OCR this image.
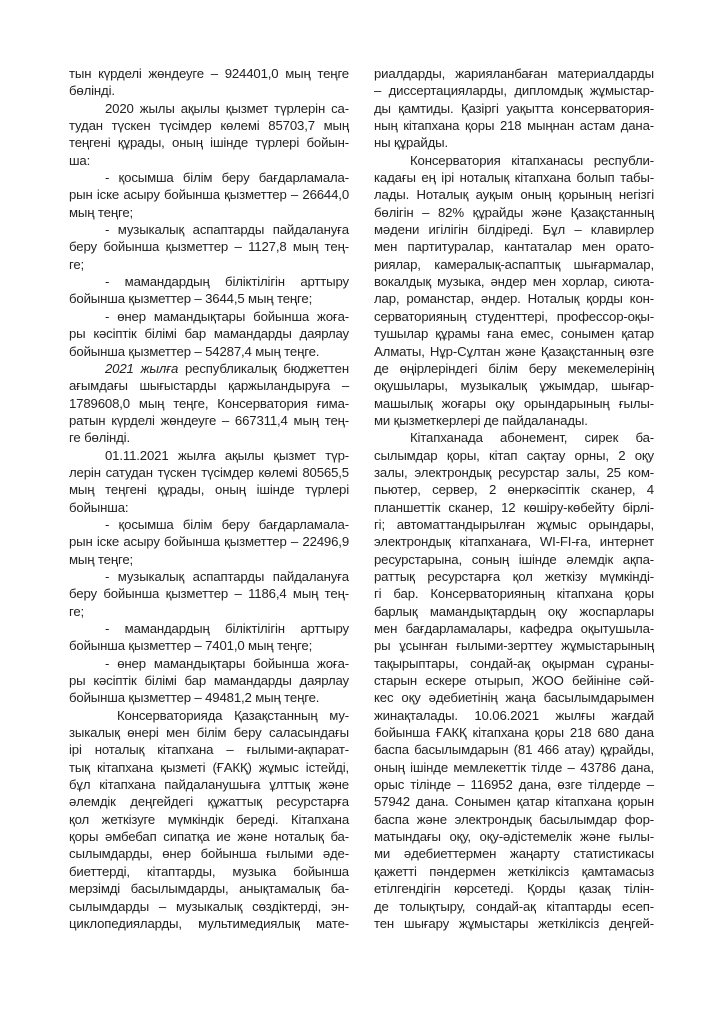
тын күрделі жөндеуге – 924401,0 мың теңге
бөлінді.
2020 жылы ақылы қызмет түрлерін са-
тудан түскен түсімдер көлемі 85703,7 мың
теңгені құрады, оның ішінде түрлері бойын-
ша:
- қосымша білім беру бағдарламала-
рын іске асыру бойынша қызметтер – 26644,0
мың теңге;
- музыкалық аспаптарды пайдалануға
беру бойынша қызметтер – 1127,8 мың тең-
ге;
- мамандардың біліктілігін арттыру
бойынша қызметтер – 3644,5 мың теңге;
- өнер мамандықтары бойынша жоға-
ры кәсіптік білімі бар мамандарды даярлау
бойынша қызметтер – 54287,4 мың теңге.
2021 жылға республикалық бюджеттен
ағымдағы шығыстарды қаржыландыруға –
1789608,0 мың теңге, Консерватория ғима-
ратын күрделі жөндеуге – 667311,4 мың тең-
ге бөлінді.
01.11.2021 жылға ақылы қызмет түр-
лерін сатудан түскен түсімдер көлемі 80565,5
мың теңгені құрады, оның ішінде түрлері
бойынша:
- қосымша білім беру бағдарламала-
рын іске асыру бойынша қызметтер – 22496,9
мың теңге;
- музыкалық аспаптарды пайдалануға
беру бойынша қызметтер – 1186,4 мың тең-
ге;
- мамандардың біліктілігін арттыру
бойынша қызметтер – 7401,0 мың теңге;
- өнер мамандықтары бойынша жоға-
ры кәсіптік білімі бар мамандарды даярлау
бойынша қызметтер – 49481,2 мың теңге.
Консерваторияда Қазақстанның му-
зыкалық өнері мен білім беру саласындағы
ірі ноталық кітапхана – ғылыми-ақпарат-
тық кітапхана қызметі (ҒАКҚ) жұмыс істейді,
бұл кітапхана пайдаланушыға ұлттық және
әлемдік деңгейдегі құжаттық ресурстарға
қол жеткізуге мүмкіндік береді. Кітапхана
қоры әмбебап сипатқа ие және ноталық ба-
сылымдарды, өнер бойынша ғылыми әде-
биеттерді, кітаптарды, музыка бойынша
мерзімді басылымдарды, анықтамалық ба-
сылымдарды – музыкалық сөздіктерді, эн-
циклопедияларды, мультимедиялық мате-
риалдарды, жарияланбаған материалдарды
– диссертацияларды, дипломдық жұмыстар-
ды қамтиды. Қазіргі уақытта консерватория-
ның кітапхана қоры 218 мыңнан астам дана-
ны құрайды.
Консерватория кітапханасы республи-
кадағы ең ірі ноталық кітапхана болып табы-
лады. Ноталық ауқым оның қорының негізгі
бөлігін – 82% құрайды және Қазақстанның
мәдени игілігін білдіреді. Бұл – клавирлер
мен партитуралар, кантаталар мен орато-
риялар, камералық-аспаптық шығармалар,
вокалдық музыка, әндер мен хорлар, сиюта-
лар, романстар, әндер. Ноталық қорды кон-
серваторияның студенттері, профессор-оқы-
тушылар құрамы ғана емес, сонымен қатар
Алматы, Нұр-Сұлтан және Қазақстанның өзге
де өңірлеріндегі білім беру мекемелерінің
оқушылары, музыкалық ұжымдар, шығар-
машылық жоғары оқу орындарының ғылы-
ми қызметкерлері де пайдаланады.
Кітапханада абонемент, сирек ба-
сылымдар қоры, кітап сақтау орны, 2 оқу
залы, электрондық ресурстар залы, 25 ком-
пьютер, сервер, 2 өнеркәсіптік сканер, 4
планшеттік сканер, 12 көшіру-көбейту бірлі-
гі; автоматтандырылған жұмыс орындары,
электрондық кітапханаға, WI-FI-ға, интернет
ресурстарына, соның ішінде әлемдік ақпа-
раттық ресурстарға қол жеткізу мүмкінді-
гі бар. Консерваторияның кітапхана қоры
барлық мамандықтардың оқу жоспарлары
мен бағдарламалары, кафедра оқытушыла-
ры ұсынған ғылыми-зерттеу жұмыстарының
тақырыптары, сондай-ақ оқырман сұраны-
старын ескере отырып, ЖОО бейініне сәй-
кес оқу әдебиетінің жаңа басылымдарымен
жинақталады. 10.06.2021 жылғы жағдай
бойынша ҒАКҚ кітапхана қоры 218 680 дана
баспа басылымдарын (81 466 атау) құрайды,
оның ішінде мемлекеттік тілде – 43786 дана,
орыс тілінде – 116952 дана, өзге тілдерде –
57942 дана. Сонымен қатар кітапхана қорын
баспа және электрондық басылымдар фор-
матындағы оқу, оқу-әдістемелік және ғылы-
ми әдебиеттермен жаңарту статистикасы
қажетті пәндермен жеткіліксіз қамтамасыз
етілгендігін көрсетеді. Қорды қазақ тілін-
де толықтыру, сондай-ақ кітаптарды есеп-
тен шығару жұмыстары жеткіліксіз деңгей-
